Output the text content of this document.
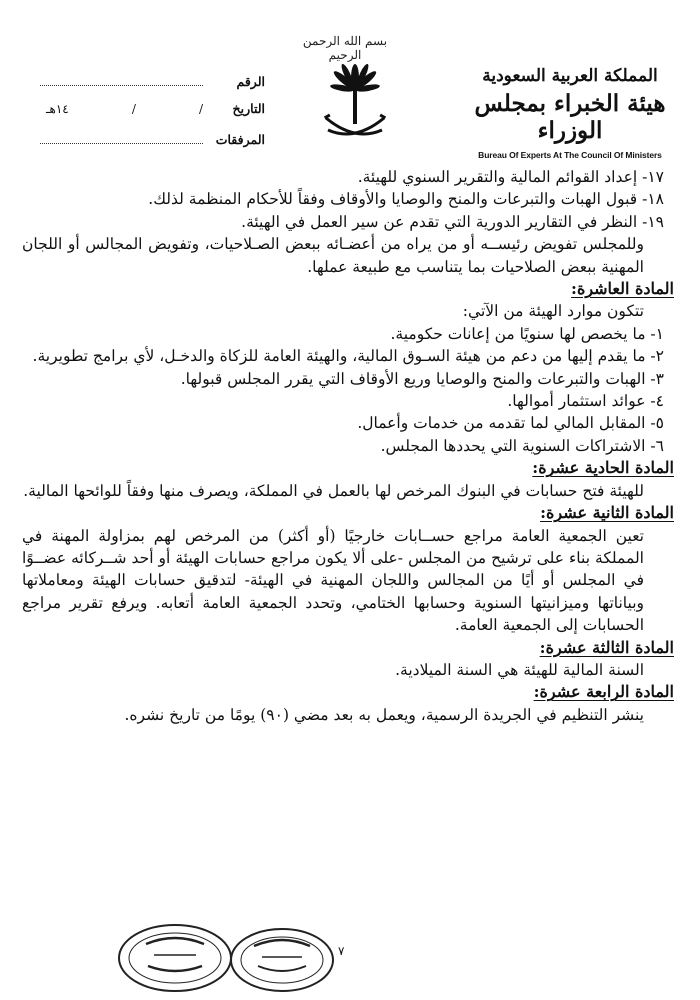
بسم الله الرحمن الرحيم
المملكة العربية السعودية
هيئة الخبراء بمجلس الوزراء
Bureau Of Experts At The Council Of Ministers
الرقم
التاريخ
/
/
١٤هـ
المرفقات

١٧- إعداد القوائم المالية والتقرير السنوي للهيئة.

١٨- قبول الهبات والتبرعات والمنح والوصايا والأوقاف وفقاً للأحكام المنظمة لذلك.

١٩- النظر في التقارير الدورية التي تقدم عن سير العمل في الهيئة.

وللمجلس تفويض رئيســه أو من يراه من أعضـائه ببعض الصـلاحيات، وتفويض المجالس أو اللجان المهنية ببعض الصلاحيات بما يتناسب مع طبيعة عملها.

المادة العاشرة:

تتكون موارد الهيئة من الآتي:

١- ما يخصص لها سنويًا من إعانات حكومية.

٢- ما يقدم إليها من دعم من هيئة السـوق المالية، والهيئة العامة للزكاة والدخـل، لأي برامج تطويرية.

٣- الهبات والتبرعات والمنح والوصايا وريع الأوقاف التي يقرر المجلس قبولها.

٤- عوائد استثمار أموالها.

٥- المقابل المالي لما تقدمه من خدمات وأعمال.

٦- الاشتراكات السنوية التي يحددها المجلس.

المادة الحادية عشرة:

للهيئة فتح حسابات في البنوك المرخص لها بالعمل في المملكة، ويصرف منها وفقاً للوائحها المالية.

المادة الثانية عشرة:

تعين الجمعية العامة مراجع حســابات خارجيًا (أو أكثر) من المرخص لهم بمزاولة المهنة في المملكة بناء على ترشيح من المجلس -على ألا يكون مراجع حسابات الهيئة أو أحد شــركائه عضــوًا في المجلس أو أيًا من المجالس واللجان المهنية في الهيئة- لتدقيق حسابات الهيئة ومعاملاتها وبياناتها وميزانيتها السنوية وحسابها الختامي، وتحدد الجمعية العامة أتعابه. ويرفع تقرير مراجع الحسابات إلى الجمعية العامة.

المادة الثالثة عشرة:

السنة المالية للهيئة هي السنة الميلادية.

المادة الرابعة عشرة:

ينشر التنظيم في الجريدة الرسمية، ويعمل به بعد مضي (٩٠) يومًا من تاريخ نشره.

٧
